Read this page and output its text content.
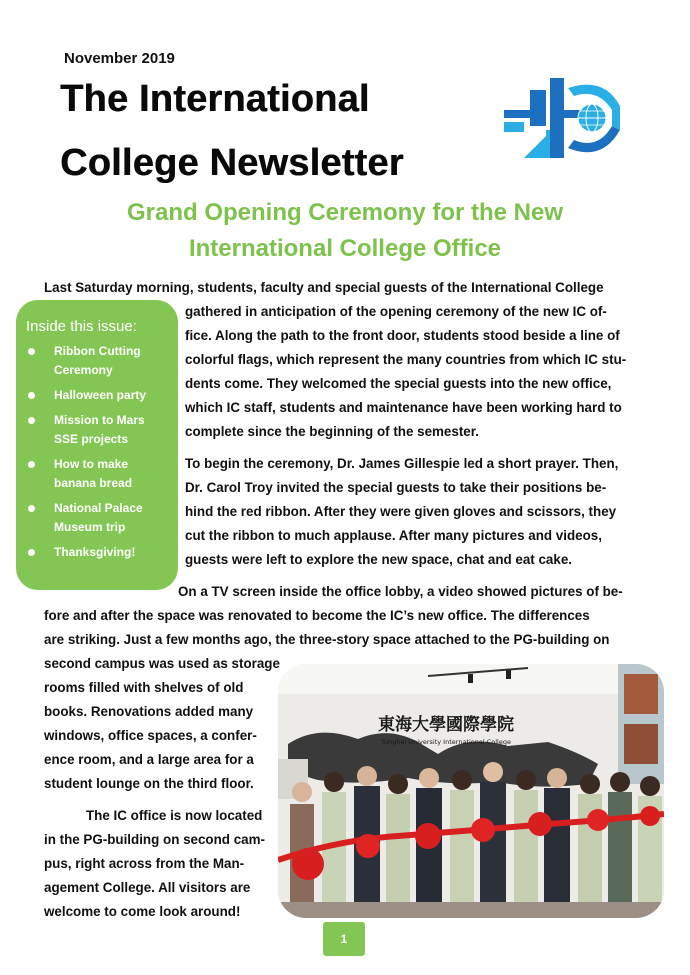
November 2019
The International
College Newsletter
Grand Opening Ceremony for the New
International College Office

Last Saturday morning, students, faculty and special guests of the International College

gathered in anticipation of the opening ceremony of the new IC of-

fice. Along the path to the front door, students stood beside a line of

colorful flags, which represent the many countries from which IC stu-

dents come. They welcomed the special guests into the new office,

which IC staff, students and maintenance have been working hard to

complete since the beginning of the semester.

To begin the ceremony, Dr. James Gillespie led a short prayer. Then,

Dr. Carol Troy invited the special guests to take their positions be-

hind the red ribbon. After they were given gloves and scissors, they

cut the ribbon to much applause. After many pictures and videos,

guests were left to explore the new space, chat and eat cake.

On a TV screen inside the office lobby, a video showed pictures of be-

fore and after the space was renovated to become the IC’s new office. The differences

are striking. Just a few months ago, the three-story space attached to the PG-building on

second campus was used as storage

rooms filled with shelves of old

books. Renovations added many

windows, office spaces, a confer-

ence room, and a large area for a

student lounge on the third floor.

The IC office is now located

in the PG-building on second cam-

pus, right across from the Man-

agement College. All visitors are

welcome to come look around!

Inside this issue:
Ribbon Cutting Ceremony
Halloween party
Mission to Mars SSE projects
How to make banana bread
National Palace Museum trip
Thanksgiving!
東海大學國際學院
Tunghai University International College
1
